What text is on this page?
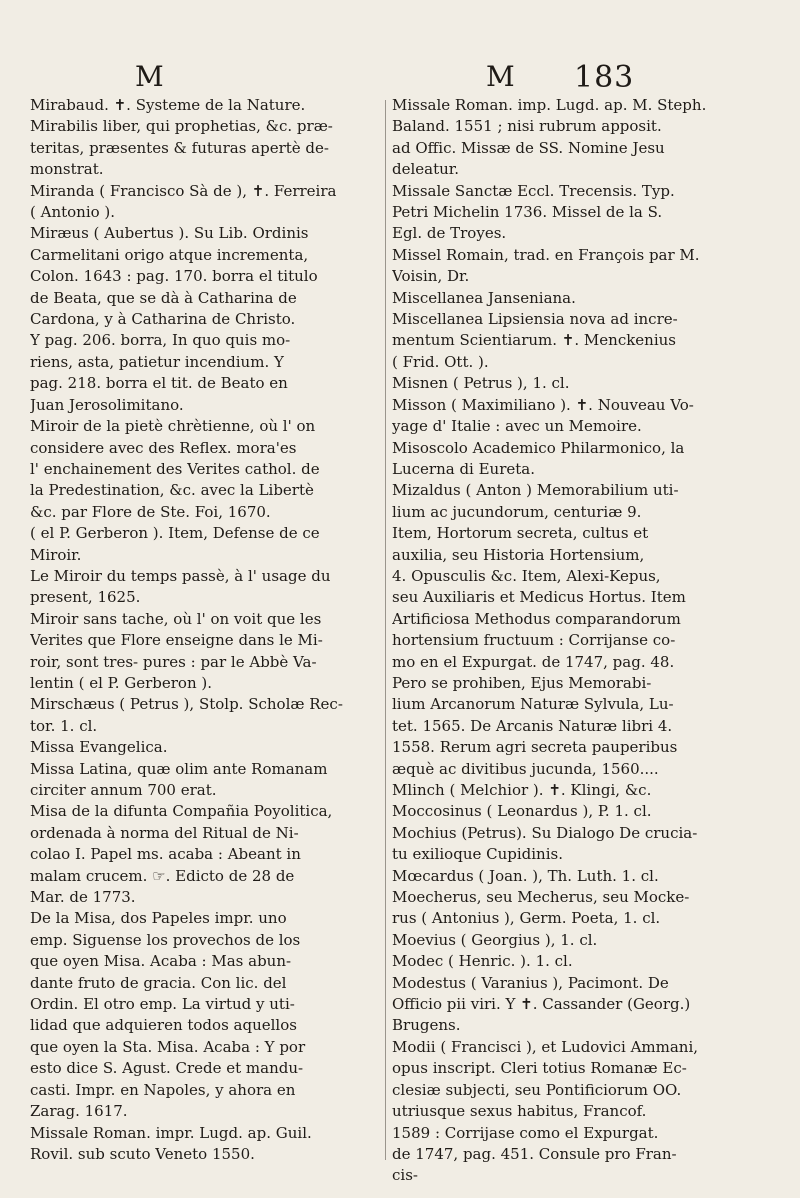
M	M 183
Mirabaud. ✝. Systeme de la Nature.
Mirabilis liber, qui prophetias, &c. præ-
teritas, præsentes & futuras apertè de-
monstrat.
Miranda ( Francisco Sà de ), ✝. Ferreira
( Antonio ).
Miræus ( Aubertus ). Su Lib. Ordinis
Carmelitani origo atque incrementa,
Colon. 1643 : pag. 170. borra el titulo
de Beata, que se dà à Catharina de
Cardona, y à Catharina de Christo.
Y pag. 206. borra, In quo quis mo-
riens, asta, patietur incendium. Y
pag. 218. borra el tit. de Beato en
Juan Jerosolimitano.
Miroir de la pietè chrètienne, où l' on
considere avec des Reflex. mora'es
l' enchainement des Verites cathol. de
la Predestination, &c. avec la Libertè
&c. par Flore de Ste. Foi, 1670.
( el P. Gerberon ). Item, Defense de ce
Miroir.
Le Miroir du temps passè, à l' usage du
present, 1625.
Miroir sans tache, où l' on voit que les
Verites que Flore enseigne dans le Mi-
roir, sont tres- pures : par le Abbè Va-
lentin ( el P. Gerberon ).
Mirschæus ( Petrus ), Stolp. Scholæ Rec-
tor. 1. cl.
Missa Evangelica.
Missa Latina, quæ olim ante Romanam
circiter annum 700 erat.
Misa de la difunta Compañia Poyolitica,
ordenada à norma del Ritual de Ni-
colao I. Papel ms. acaba : Abeant in
malam crucem. ☞. Edicto de 28 de
Mar. de 1773.
De la Misa, dos Papeles impr. uno
emp. Siguense los provechos de los
que oyen Misa. Acaba : Mas abun-
dante fruto de gracia. Con lic. del
Ordin. El otro emp. La virtud y uti-
lidad que adquieren todos aquellos
que oyen la Sta. Misa. Acaba : Y por
esto dice S. Agust. Crede et mandu-
casti. Impr. en Napoles, y ahora en
Zarag. 1617.
Missale Roman. impr. Lugd. ap. Guil.
Rovil. sub scuto Veneto 1550.
Missale Roman. imp. Lugd. ap. M. Steph.
Baland. 1551 ; nisi rubrum apposit.
ad Offic. Missæ de SS. Nomine Jesu
deleatur.
Missale Sanctæ Eccl. Trecensis. Typ.
Petri Michelin 1736. Missel de la S.
Egl. de Troyes.
Missel Romain, trad. en François par M.
Voisin, Dr.
Miscellanea Janseniana.
Miscellanea Lipsiensia nova ad incre-
mentum Scientiarum. ✝. Menckenius
( Frid. Ott. ).
Misnen ( Petrus ), 1. cl.
Misson ( Maximiliano ). ✝. Nouveau Vo-
yage d' Italie : avec un Memoire.
Misoscolo Academico Philarmonico, la
Lucerna di Eureta.
Mizaldus ( Anton ) Memorabilium uti-
lium ac jucundorum, centuriæ 9.
Item, Hortorum secreta, cultus et
auxilia, seu Historia Hortensium,
4. Opusculis &c. Item, Alexi-Kepus,
seu Auxiliaris et Medicus Hortus. Item
Artificiosa Methodus comparandorum
hortensium fructuum : Corrijanse co-
mo en el Expurgat. de 1747, pag. 48.
Pero se prohiben, Ejus Memorabi-
lium Arcanorum Naturæ Sylvula, Lu-
tet. 1565. De Arcanis Naturæ libri 4.
1558. Rerum agri secreta pauperibus
æquè ac divitibus jucunda, 1560....
Mlinch ( Melchior ). ✝. Klingi, &c.
Moccosinus ( Leonardus ), P. 1. cl.
Mochius (Petrus). Su Dialogo De crucia-
tu exilioque Cupidinis.
Mœcardus ( Joan. ), Th. Luth. 1. cl.
Moecherus, seu Mecherus, seu Mocke-
rus ( Antonius ), Germ. Poeta, 1. cl.
Moevius ( Georgius ), 1. cl.
Modec ( Henric. ). 1. cl.
Modestus ( Varanius ), Pacimont. De
Officio pii viri. Y ✝. Cassander (Georg.)
Brugens.
Modii ( Francisci ), et Ludovici Ammani,
opus inscript. Cleri totius Romanæ Ec-
clesiæ subjecti, seu Pontificiorum OO.
utriusque sexus habitus, Francof.
1589 : Corrijase como el Expurgat.
de 1747, pag. 451. Consule pro Fran-
cis-
